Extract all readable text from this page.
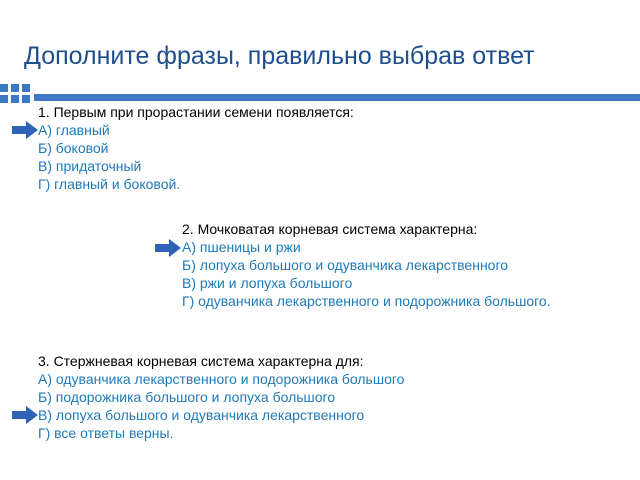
Дополните фразы, правильно выбрав ответ
1. Первым при прорастании семени появляется:
А) главный
Б) боковой
В) придаточный
Г) главный и боковой.
2. Мочковатая корневая система характерна:
А) пшеницы и ржи
Б) лопуха большого и одуванчика лекарственного
В) ржи и лопуха большого
Г) одуванчика лекарственного и подорожника большого.
3. Стержневая корневая система характерна для:
А) одуванчика лекарственного и подорожника большого
Б) подорожника большого и лопуха большого
В) лопуха большого и одуванчика лекарственного
Г) все ответы верны.
